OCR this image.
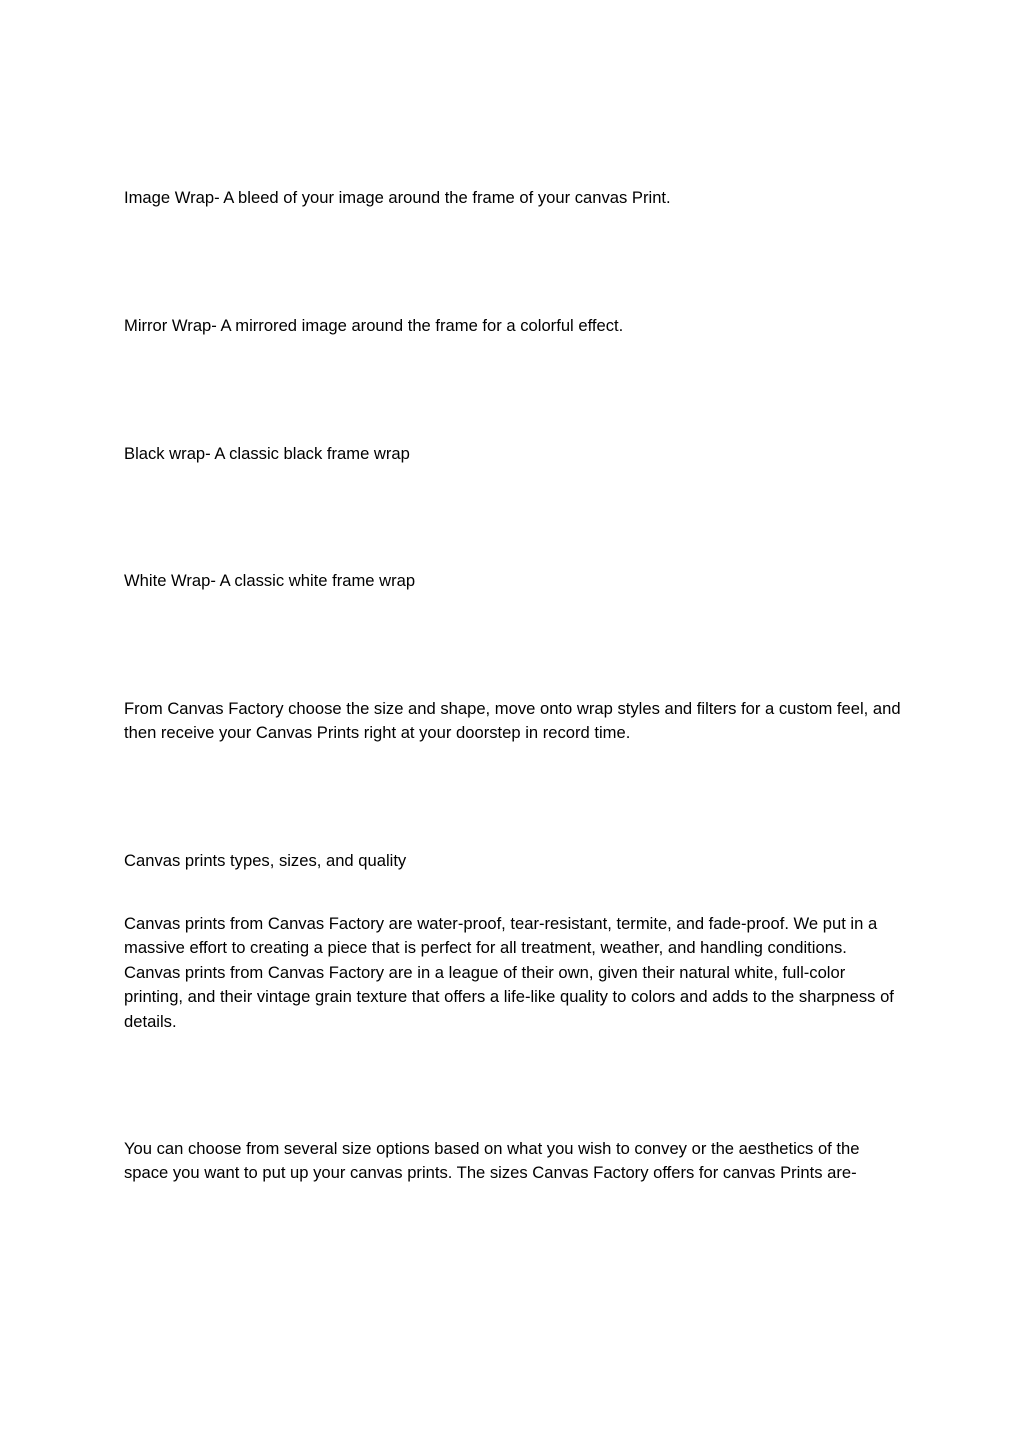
Image Wrap- A bleed of your image around the frame of your canvas Print.

Mirror Wrap- A mirrored image around the frame for a colorful effect.

Black wrap- A classic black frame wrap

White Wrap- A classic white frame wrap

From Canvas Factory choose the size and shape, move onto wrap styles and filters for a custom feel, and then receive your Canvas Prints right at your doorstep in record time.

Canvas prints types, sizes, and quality

Canvas prints from Canvas Factory are water-proof, tear-resistant, termite, and fade-proof. We put in a massive effort to creating a piece that is perfect for all treatment, weather, and handling conditions. Canvas prints from Canvas Factory are in a league of their own, given their natural white, full-color printing, and their vintage grain texture that offers a life-like quality to colors and adds to the sharpness of details.

You can choose from several size options based on what you wish to convey or the aesthetics of the space you want to put up your canvas prints. The sizes Canvas Factory offers for canvas Prints are-
